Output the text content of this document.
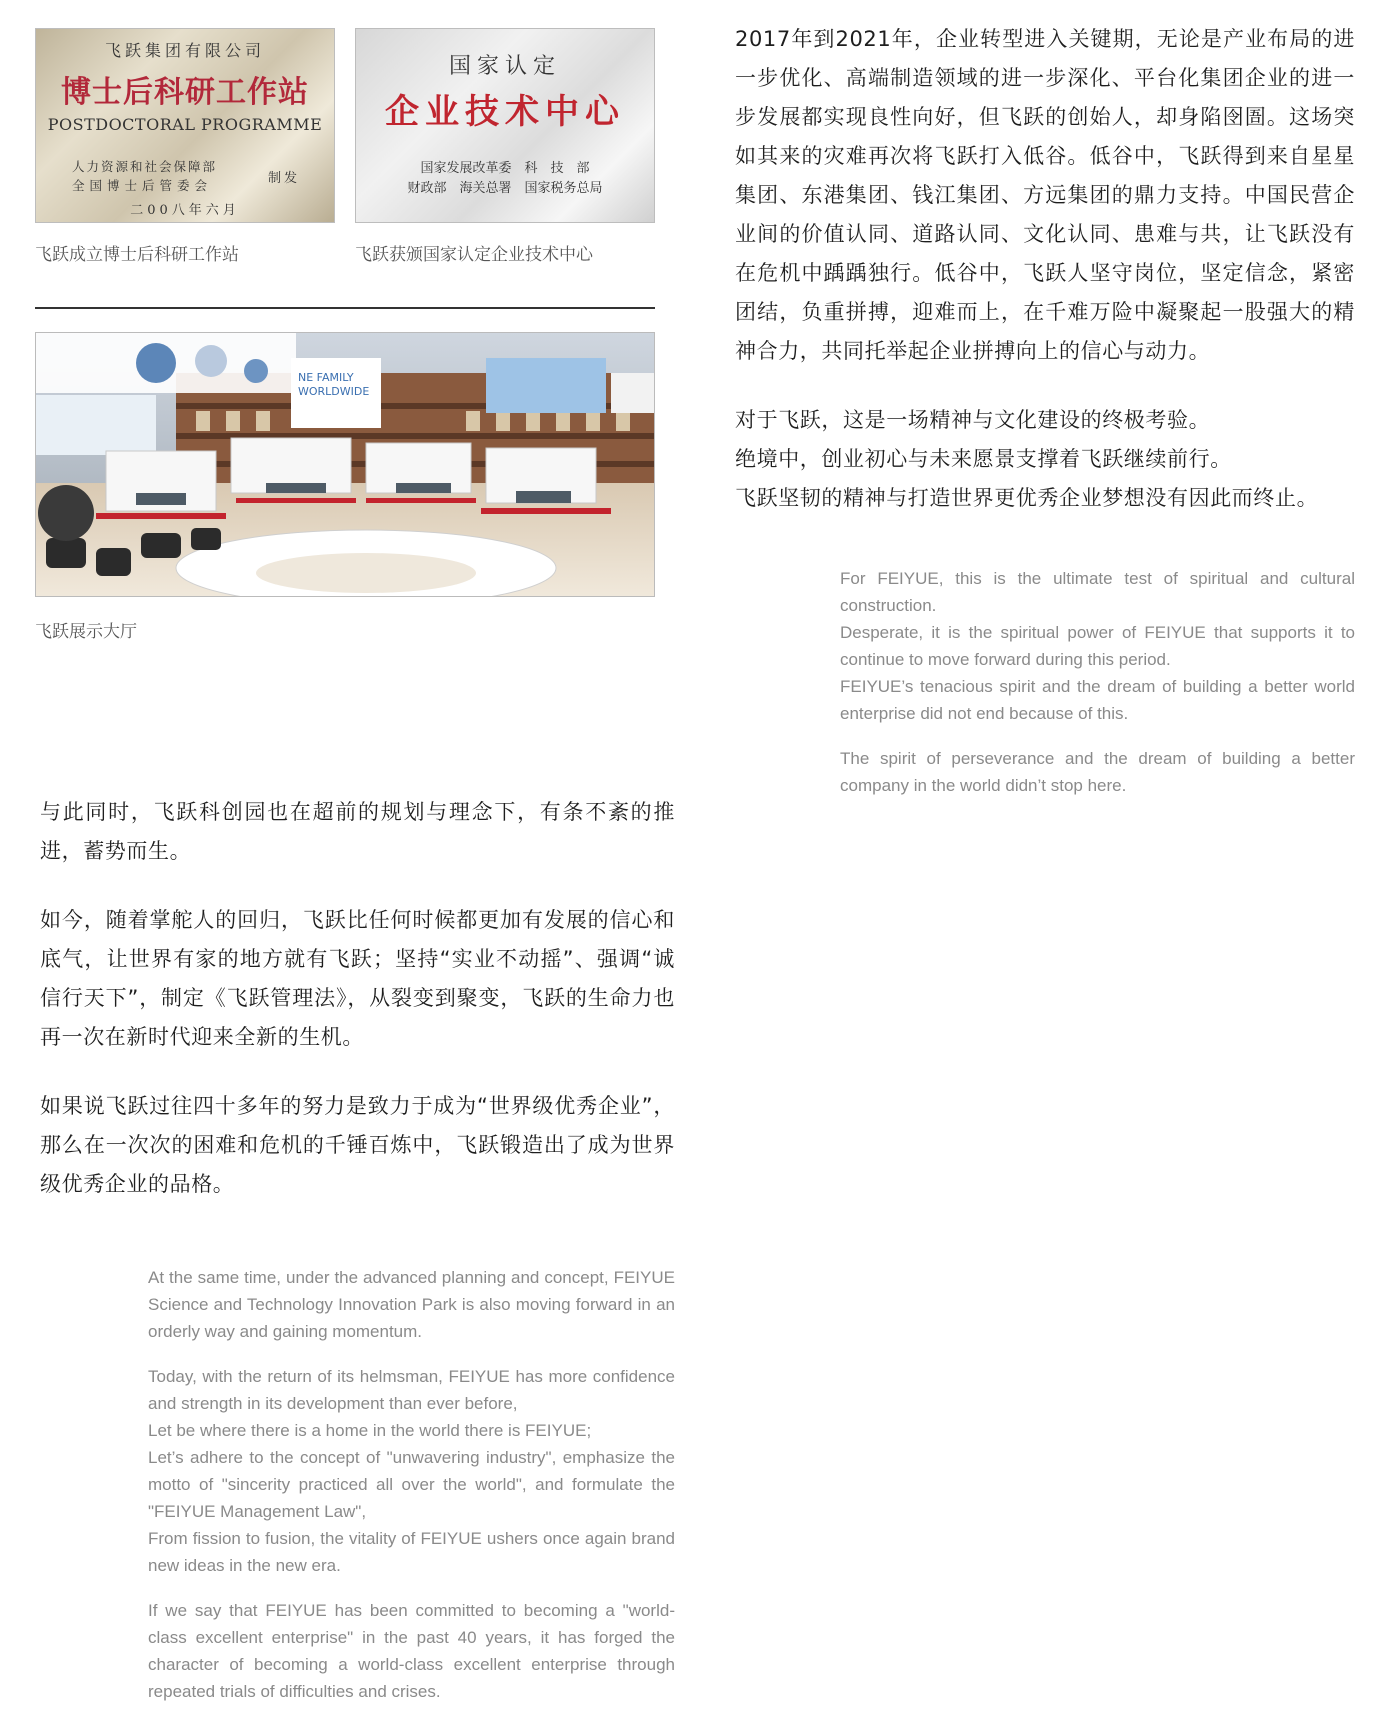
飞跃集团有限公司
博士后科研工作站
POSTDOCTORAL PROGRAMME
人力资源和社会保障部
全国博士后管委会	制发
二00八年六月
国家认定
企业技术中心
国家发展改革委　科　技　部
财政部　海关总署　国家税务总局
飞跃成立博士后科研工作站	飞跃获颁国家认定企业技术中心
NE FAMILY
WORLDWIDE
飞跃展示大厅

2017年到2021年，企业转型进入关键期，无论是产业布局的进一步优化、高端制造领域的进一步深化、平台化集团企业的进一步发展都实现良性向好，但飞跃的创始人，却身陷囹圄。这场突如其来的灾难再次将飞跃打入低谷。低谷中，飞跃得到来自星星集团、东港集团、钱江集团、方远集团的鼎力支持。中国民营企业间的价值认同、道路认同、文化认同、患难与共，让飞跃没有在危机中踽踽独行。低谷中，飞跃人坚守岗位，坚定信念，紧密团结，负重拼搏，迎难而上，在千难万险中凝聚起一股强大的精神合力，共同托举起企业拼搏向上的信心与动力。

对于飞跃，这是一场精神与文化建设的终极考验。

绝境中，创业初心与未来愿景支撑着飞跃继续前行。

飞跃坚韧的精神与打造世界更优秀企业梦想没有因此而终止。

For FEIYUE, this is the ultimate test of spiritual and cultural construction.

Desperate, it is the spiritual power of FEIYUE that supports it to continue to move forward during this period.

FEIYUE’s tenacious spirit and the dream of building a better world enterprise did not end because of this.

The spirit of perseverance and the dream of building a better company in the world didn’t stop here.

与此同时，飞跃科创园也在超前的规划与理念下，有条不紊的推进，蓄势而生。

如今，随着掌舵人的回归，飞跃比任何时候都更加有发展的信心和底气，让世界有家的地方就有飞跃；坚持“实业不动摇”、强调“诚信行天下”，制定《飞跃管理法》，从裂变到聚变，飞跃的生命力也再一次在新时代迎来全新的生机。

如果说飞跃过往四十多年的努力是致力于成为“世界级优秀企业”，那么在一次次的困难和危机的千锤百炼中，飞跃锻造出了成为世界级优秀企业的品格。

At the same time, under the advanced planning and concept, FEIYUE Science and Technology Innovation Park is also moving forward in an orderly way and gaining momentum.

Today, with the return of its helmsman, FEIYUE has more confidence and strength in its development than ever before,

Let be where there is a home in the world there is FEIYUE;

Let’s adhere to the concept of "unwavering industry", emphasize the motto of "sincerity practiced all over the world", and formulate the "FEIYUE Management Law",

From fission to fusion, the vitality of FEIYUE ushers once again brand new ideas in the new era.

If we say that FEIYUE has been committed to becoming a "world-class excellent enterprise" in the past 40 years, it has forged the character of becoming a world-class excellent enterprise through repeated trials of difficulties and crises.
